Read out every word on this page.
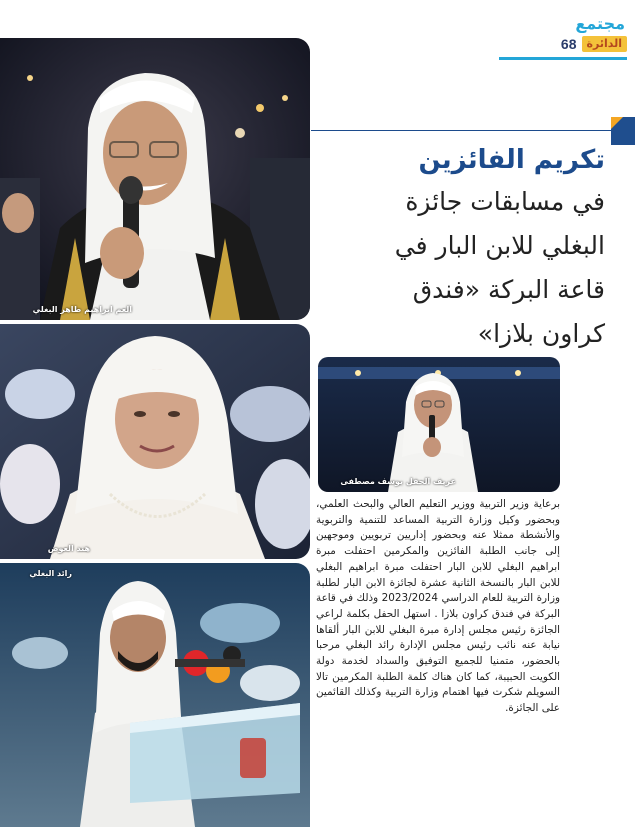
مجتمع
68 الدائرة
تكريم الفائزين
في مسابقات جائزة
البغلي للابن البار في
قاعة البركة «فندق
كراون بلازا»
العم ابراهيم طاهر البغلي
هند العوض
رائد البغلي
عريف الحفل يوسف مصطفى
برعاية وزير التربية ووزير التعليم العالي والبحث العلمي، وبحضور وكيل وزارة التربية المساعد للتنمية والتربوية والأنشطة ممثلا عنه وبحضور إداريين تربويين وموجهين إلى جانب الطلبة الفائزين والمكرمين احتفلت مبرة ابراهيم البغلي للابن البار احتفلت مبرة ابراهيم البغلي للابن البار بالنسخة الثانية عشرة لجائزة الابن البار لطلبة وزارة التربية للعام الدراسي 2023/2024 وذلك في قاعة البركة في فندق كراون بلازا . استهل الحفل بكلمة لراعي الجائزة رئيس مجلس إدارة مبرة البغلي للابن البار ألقاها نيابة عنه نائب رئيس مجلس الإدارة رائد البغلي مرحبا بالحضور، متمنيا للجميع التوفيق والسداد لخدمة دولة الكويت الحبيبة، كما كان هناك كلمة الطلبة المكرمين تالا السويلم شكرت فيها اهتمام وزارة التربية وكذلك القائمين على الجائزة.
